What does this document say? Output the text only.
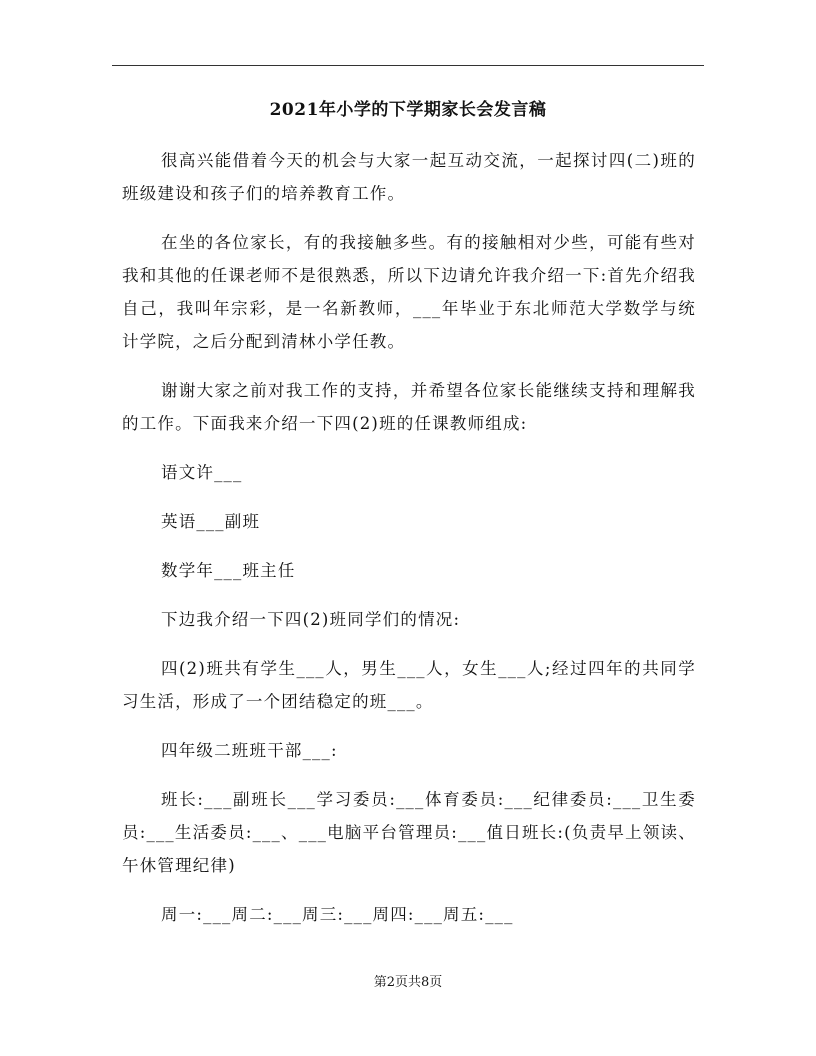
2021年小学的下学期家长会发言稿

很高兴能借着今天的机会与大家一起互动交流，一起探讨四(二)班的班级建设和孩子们的培养教育工作。

在坐的各位家长，有的我接触多些。有的接触相对少些，可能有些对我和其他的任课老师不是很熟悉，所以下边请允许我介绍一下:首先介绍我自己，我叫年宗彩，是一名新教师，___年毕业于东北师范大学数学与统计学院，之后分配到清林小学任教。

谢谢大家之前对我工作的支持，并希望各位家长能继续支持和理解我的工作。下面我来介绍一下四(2)班的任课教师组成:

语文许___

英语___副班

数学年___班主任

下边我介绍一下四(2)班同学们的情况:

四(2)班共有学生___人，男生___人，女生___人;经过四年的共同学习生活，形成了一个团结稳定的班___。

四年级二班班干部___:

班长:___副班长___学习委员:___体育委员:___纪律委员:___卫生委员:___生活委员:___、___电脑平台管理员:___值日班长:(负责早上领读、午休管理纪律)

周一:___周二:___周三:___周四:___周五:___

第2页共8页
